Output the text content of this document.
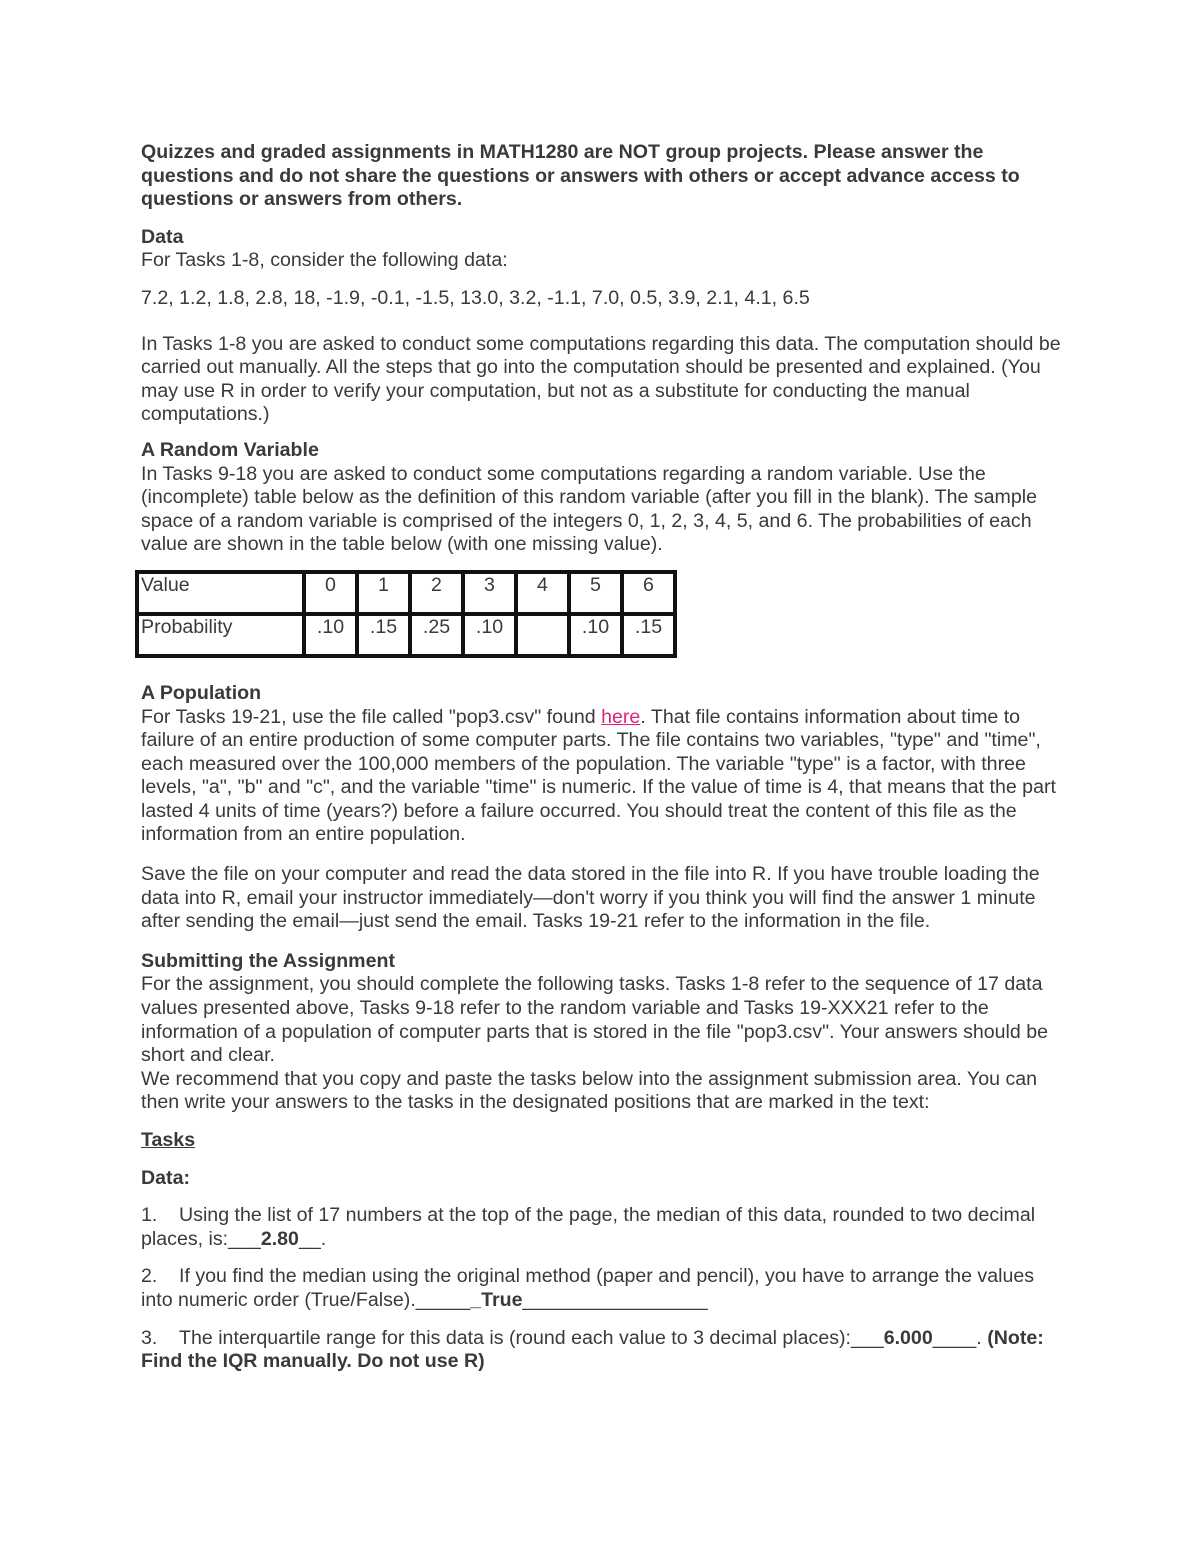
Quizzes and graded assignments in MATH1280 are NOT group projects. Please answer the questions and do not share the questions or answers with others or accept advance access to questions or answers from others.

Data

For Tasks 1-8, consider the following data:

7.2, 1.2, 1.8, 2.8, 18, -1.9, -0.1, -1.5, 13.0, 3.2, -1.1, 7.0, 0.5, 3.9, 2.1, 4.1, 6.5

In Tasks 1-8 you are asked to conduct some computations regarding this data. The computation should be carried out manually. All the steps that go into the computation should be presented and explained. (You may use R in order to verify your computation, but not as a substitute for conducting the manual computations.)

A Random Variable

In Tasks 9-18 you are asked to conduct some computations regarding a random variable. Use the (incomplete) table below as the definition of this random variable (after you fill in the blank). The sample space of a random variable is comprised of the integers 0, 1, 2, 3, 4, 5, and 6. The probabilities of each value are shown in the table below (with one missing value).

Value	0	1	2	3	4	5	6
Probability	.10	.15	.25	.10		.10	.15

A Population

For Tasks 19-21, use the file called "pop3.csv" found here. That file contains information about time to failure of an entire production of some computer parts. The file contains two variables, "type" and "time", each measured over the 100,000 members of the population. The variable "type" is a factor, with three levels, "a", "b" and "c", and the variable "time" is numeric. If the value of time is 4, that means that the part lasted 4 units of time (years?) before a failure occurred. You should treat the content of this file as the information from an entire population.

Save the file on your computer and read the data stored in the file into R. If you have trouble loading the data into R, email your instructor immediately—don't worry if you think you will find the answer 1 minute after sending the email—just send the email. Tasks 19-21 refer to the information in the file.

Submitting the Assignment

For the assignment, you should complete the following tasks. Tasks 1-8 refer to the sequence of 17 data values presented above, Tasks 9-18 refer to the random variable and Tasks 19-XXX21 refer to the information of a population of computer parts that is stored in the file "pop3.csv". Your answers should be short and clear.

We recommend that you copy and paste the tasks below into the assignment submission area. You can then write your answers to the tasks in the designated positions that are marked in the text:

Tasks

Data:

1. Using the list of 17 numbers at the top of the page, the median of this data, rounded to two decimal places, is:___2.80__.

2. If you find the median using the original method (paper and pencil), you have to arrange the values into numeric order (True/False).______True_________________

3. The interquartile range for this data is (round each value to 3 decimal places):___6.000____. (Note: Find the IQR manually. Do not use R)
